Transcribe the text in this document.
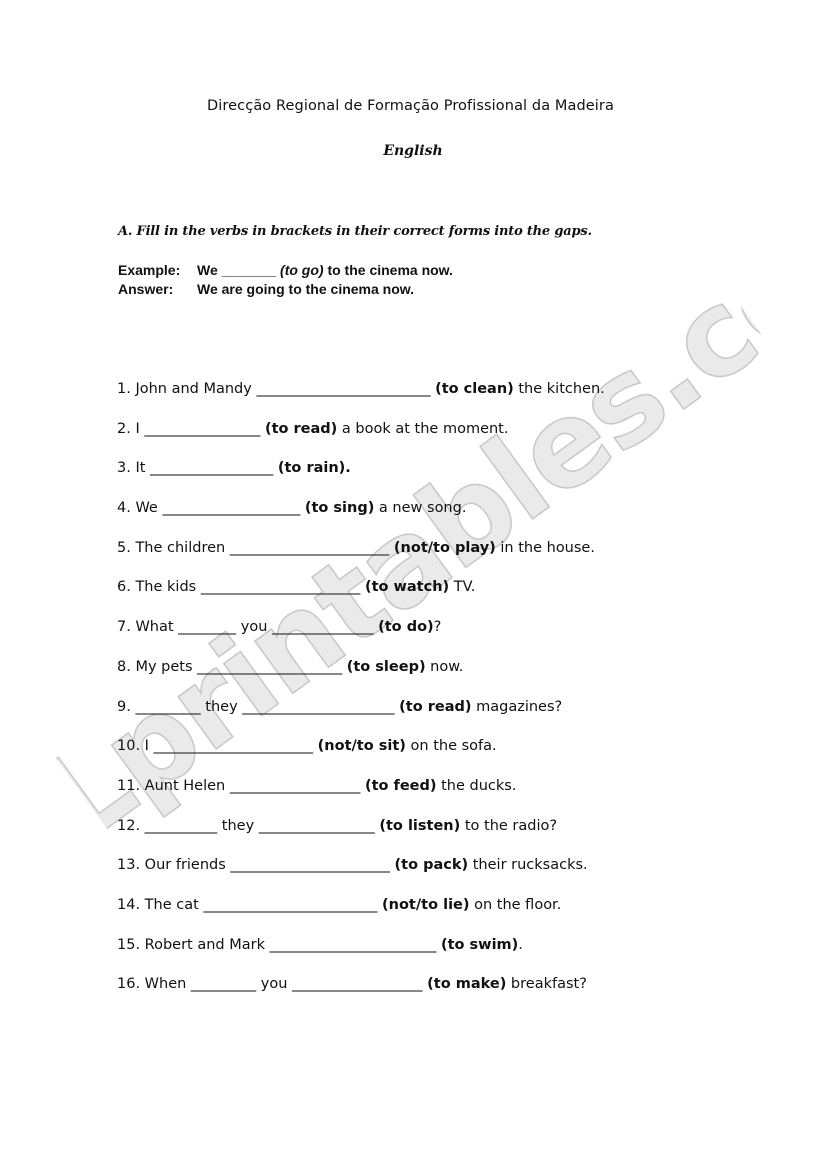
Direcção Regional de Formação Profissional da Madeira
English
A. Fill in the verbs in brackets in their correct forms into the gaps.
Example: We _______ (to go) to the cinema now.
Answer: We are going to the cinema now.
1. John and Mandy ________________________ (to clean) the kitchen.
2. I ________________ (to read) a book at the moment.
3. It _________________ (to rain).
4. We ___________________ (to sing) a new song.
5. The children ______________________ (not/to play) in the house.
6. The kids ______________________ (to watch) TV.
7. What ________ you ______________ (to do)?
8. My pets ____________________ (to sleep) now.
9. _________ they _____________________ (to read) magazines?
10. I ______________________ (not/to sit) on the sofa.
11. Aunt Helen __________________ (to feed) the ducks.
12. __________ they ________________ (to listen) to the radio?
13. Our friends ______________________ (to pack) their rucksacks.
14. The cat ________________________ (not/to lie) on the floor.
15. Robert and Mark _______________________ (to swim).
16. When _________ you __________________ (to make) breakfast?
